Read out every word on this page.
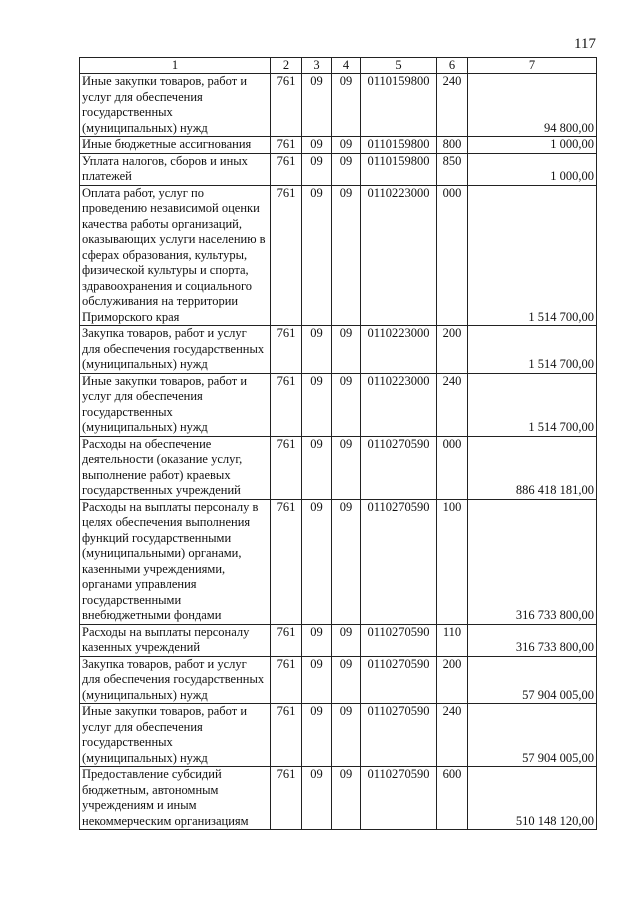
117
1	2	3	4	5	6	7
Иные закупки товаров, работ и услуг для обеспечения государственных (муниципальных) нужд	761	09	09	0110159800	240	94 800,00
Иные бюджетные ассигнования	761	09	09	0110159800	800	1 000,00
Уплата налогов, сборов и иных платежей	761	09	09	0110159800	850	1 000,00
Оплата работ, услуг по проведению независимой оценки качества работы организаций, оказывающих услуги населению в сферах образования, культуры, физической культуры и спорта, здравоохранения и социального обслуживания на территории Приморского края	761	09	09	0110223000	000	1 514 700,00
Закупка товаров, работ и услуг для обеспечения государственных (муниципальных) нужд	761	09	09	0110223000	200	1 514 700,00
Иные закупки товаров, работ и услуг для обеспечения государственных (муниципальных) нужд	761	09	09	0110223000	240	1 514 700,00
Расходы на обеспечение деятельности (оказание услуг, выполнение работ) краевых государственных учреждений	761	09	09	0110270590	000	886 418 181,00
Расходы на выплаты персоналу в целях обеспечения выполнения функций государственными (муниципальными) органами, казенными учреждениями, органами управления государственными внебюджетными фондами	761	09	09	0110270590	100	316 733 800,00
Расходы на выплаты персоналу казенных учреждений	761	09	09	0110270590	110	316 733 800,00
Закупка товаров, работ и услуг для обеспечения государственных (муниципальных) нужд	761	09	09	0110270590	200	57 904 005,00
Иные закупки товаров, работ и услуг для обеспечения государственных (муниципальных) нужд	761	09	09	0110270590	240	57 904 005,00
Предоставление субсидий бюджетным, автономным учреждениям и иным некоммерческим организациям	761	09	09	0110270590	600	510 148 120,00
